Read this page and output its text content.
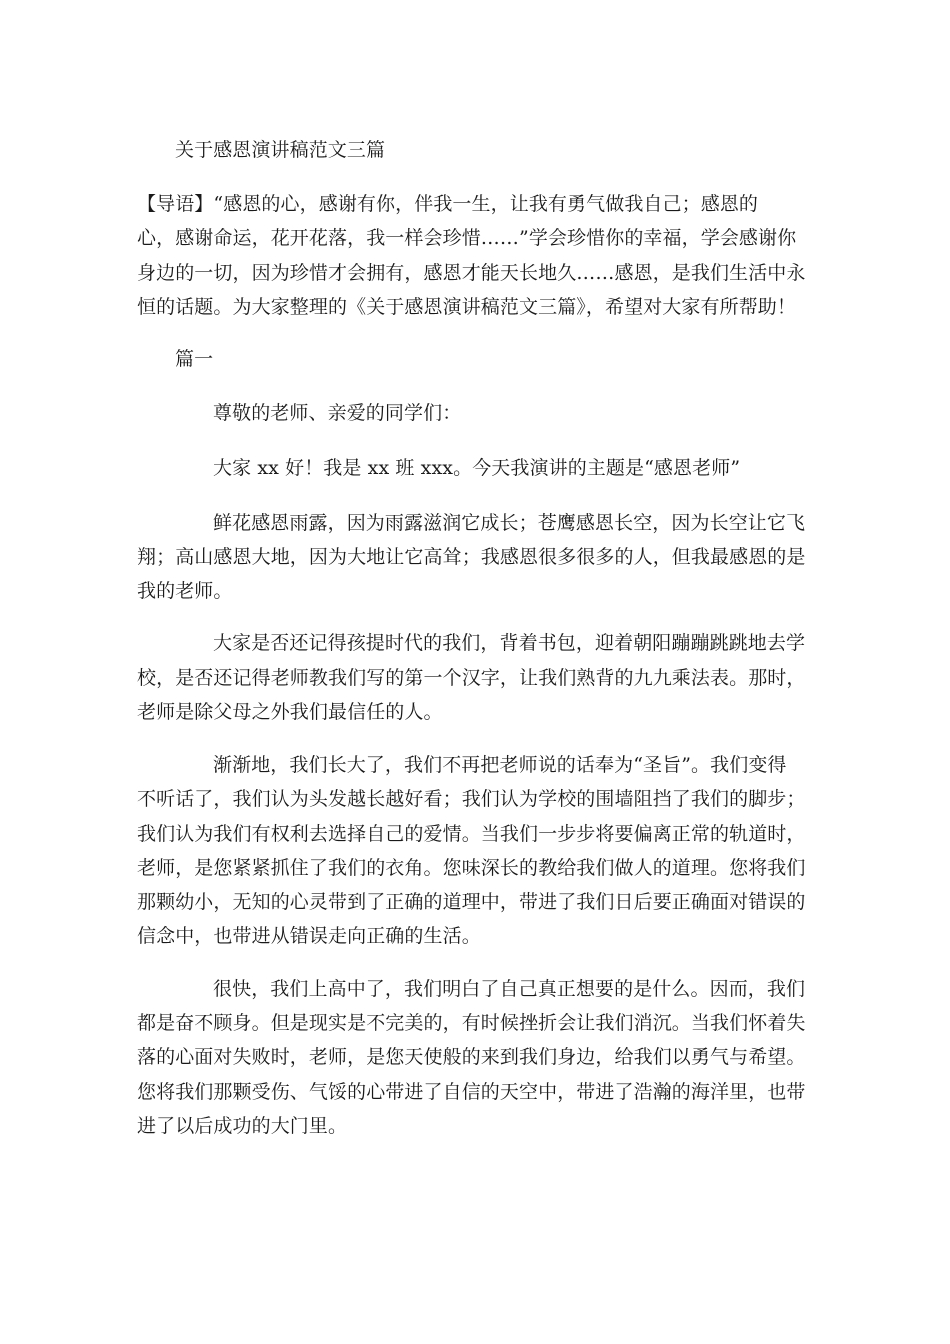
关于感恩演讲稿范文三篇
【导语】“感恩的心，感谢有你，伴我一生，让我有勇气做我自己；感恩的
心，感谢命运，花开花落，我一样会珍惜……”学会珍惜你的幸福，学会感谢你
身边的一切，因为珍惜才会拥有，感恩才能天长地久……感恩，是我们生活中永
恒的话题。为大家整理的《关于感恩演讲稿范文三篇》，希望对大家有所帮助！
篇一
尊敬的老师、亲爱的同学们：
大家 xx 好！我是 xx 班 xxx。今天我演讲的主题是“感恩老师”
鲜花感恩雨露，因为雨露滋润它成长；苍鹰感恩长空，因为长空让它飞
翔；高山感恩大地，因为大地让它高耸；我感恩很多很多的人，但我最感恩的是
我的老师。
大家是否还记得孩提时代的我们，背着书包，迎着朝阳蹦蹦跳跳地去学
校，是否还记得老师教我们写的第一个汉字，让我们熟背的九九乘法表。那时，
老师是除父母之外我们最信任的人。
渐渐地，我们长大了，我们不再把老师说的话奉为“圣旨”。我们变得
不听话了，我们认为头发越长越好看；我们认为学校的围墙阻挡了我们的脚步；
我们认为我们有权利去选择自己的爱情。当我们一步步将要偏离正常的轨道时，
老师，是您紧紧抓住了我们的衣角。您味深长的教给我们做人的道理。您将我们
那颗幼小，无知的心灵带到了正确的道理中，带进了我们日后要正确面对错误的
信念中，也带进从错误走向正确的生活。
很快，我们上高中了，我们明白了自己真正想要的是什么。因而，我们
都是奋不顾身。但是现实是不完美的，有时候挫折会让我们消沉。当我们怀着失
落的心面对失败时，老师，是您天使般的来到我们身边，给我们以勇气与希望。
您将我们那颗受伤、气馁的心带进了自信的天空中，带进了浩瀚的海洋里，也带
进了以后成功的大门里。
